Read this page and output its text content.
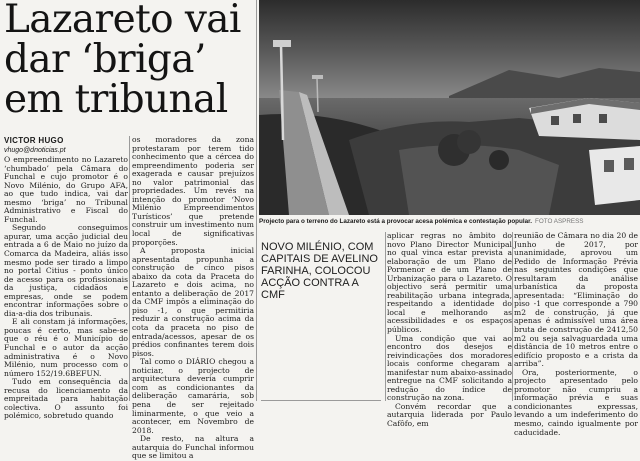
Lazareto vai dar ‘briga’ em tribunal
VICTOR HUGO
vhugo@dnoticias.pt

O empreendimento no Lazareto ‘chumbado’ pela Câmara do Funchal e cujo promotor é o Novo Milénio, do Grupo AFA, ao que tudo indica, vai dar mesmo ‘briga’ no Tribunal Administrativo e Fiscal do Funchal.

Segundo conseguimos apurar, uma acção judicial deu entrada a 6 de Maio no juízo da Comarca da Madeira, aliás isso mesmo pode ser tirado a limpo no portal Citius - ponto único de acesso para os profissionais da justiça, cidadãos e empresas, onde se podem encontrar informações sobre o dia-a-dia dos tribunais.

E ali constam já informações, poucas é certo, mas sabe-se que o réu é o Município do Funchal e o autor da acção administrativa é o Novo Milénio, num processo com o número 152/19.6BEFUN.

Tudo em consequência da recusa do licenciamento da empreitada para habitação colectiva. O assunto foi polémico, sobretudo quando

os moradores da zona protestaram por terem tido conhecimento que a cércea do empreendimento poderia ser exagerada e causar prejuízos no valor patrimonial das propriedades. Um revés na intenção do promotor ‘Novo Milénio Empreendimentos Turísticos’ que pretende construir um investimento num local de significativas proporções.

A proposta inicial apresentada propunha a construção de cinco pisos abaixo da cota da Praceta do Lazareto e dois acima, no entanto a deliberação de 2017 da CMF impôs a eliminação do piso -1, o que permitiria reduzir a construção acima da cota da praceta no piso de entrada/acessos, apesar de os prédios confinantes terem dois pisos.

Tal como o DIÁRIO chegou a noticiar, o projecto de arquitectura deveria cumprir com as condicionantes da deliberação camarária, sob pena de ser rejeitado liminarmente, o que veio a acontecer, em Novembro de 2018.

De resto, na altura a autarquia do Funchal informou que se limitou a

Projecto para o terreno do Lazareto está a provocar acesa polémica e contestação popular. FOTO ASPRESS
NOVO MILÉNIO, COM CAPITAIS DE AVELINO FARINHA, COLOCOU ACÇÃO CONTRA A CMF

aplicar regras no âmbito do novo Plano Director Municipal no qual vinca estar prevista a elaboração de um Plano de Pormenor e de um Plano de Urbanização para o Lazareto. O objectivo será permitir uma reabilitação urbana integrada, respeitando a identidade do local e melhorando as acessibilidades e os espaços públicos.

Uma condição que vai ao encontro dos desejos e reivindicações dos moradores locais conforme chegaram a manifestar num abaixo-assinado entregue na CMF solicitando a redução do índice de construção na zona.

Convém recordar que a autarquia liderada por Paulo Cafôfo, em

reunião de Câmara no dia 20 de Junho de 2017, por unanimidade, aprovou um Pedido de Informação Prévia nas seguintes condições que resultaram da análise urbanística da proposta apresentada: “Eliminação do piso -1 que corresponde a 790 m2 de construção, já que apenas é admissível uma área bruta de construção de 2412,50 m2 ou seja salvaguardada uma distância de 10 metros entre o edifício proposto e a crista da arriba”.

Ora, posteriormente, o projecto apresentado pelo promotor não cumpriu a informação prévia e suas condicionantes expressas, levando a um indeferimento do mesmo, caindo igualmente por caducidade.
